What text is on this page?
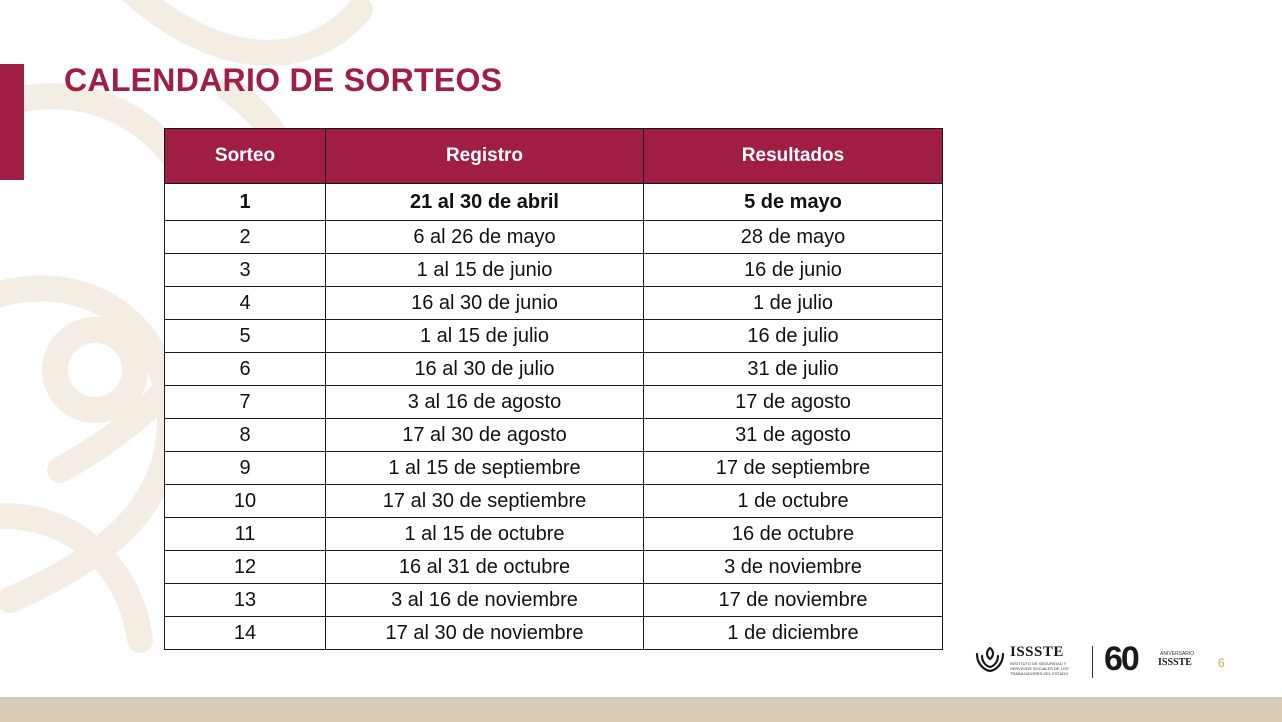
CALENDARIO DE SORTEOS
Sorteo	Registro	Resultados
1	21 al 30 de abril	5 de mayo
2	6 al 26 de mayo	28 de mayo
3	1 al 15 de junio	16 de junio
4	16 al 30 de junio	1 de julio
5	1 al 15 de julio	16 de julio
6	16 al 30 de julio	31 de julio
7	3 al 16 de agosto	17 de agosto
8	17 al 30 de agosto	31 de agosto
9	1 al 15 de septiembre	17 de septiembre
10	17 al 30 de septiembre	1 de octubre
11	1 al 15 de octubre	16 de octubre
12	16 al 31 de octubre	3 de noviembre
13	3 al 16 de noviembre	17 de noviembre
14	17 al 30 de noviembre	1 de diciembre
ISSSTE
INSTITUTO DE SEGURIDAD Y SERVICIOS SOCIALES DE LOS TRABAJADORES DEL ESTADO	60	ANIVERSARIO
ISSSTE 6
